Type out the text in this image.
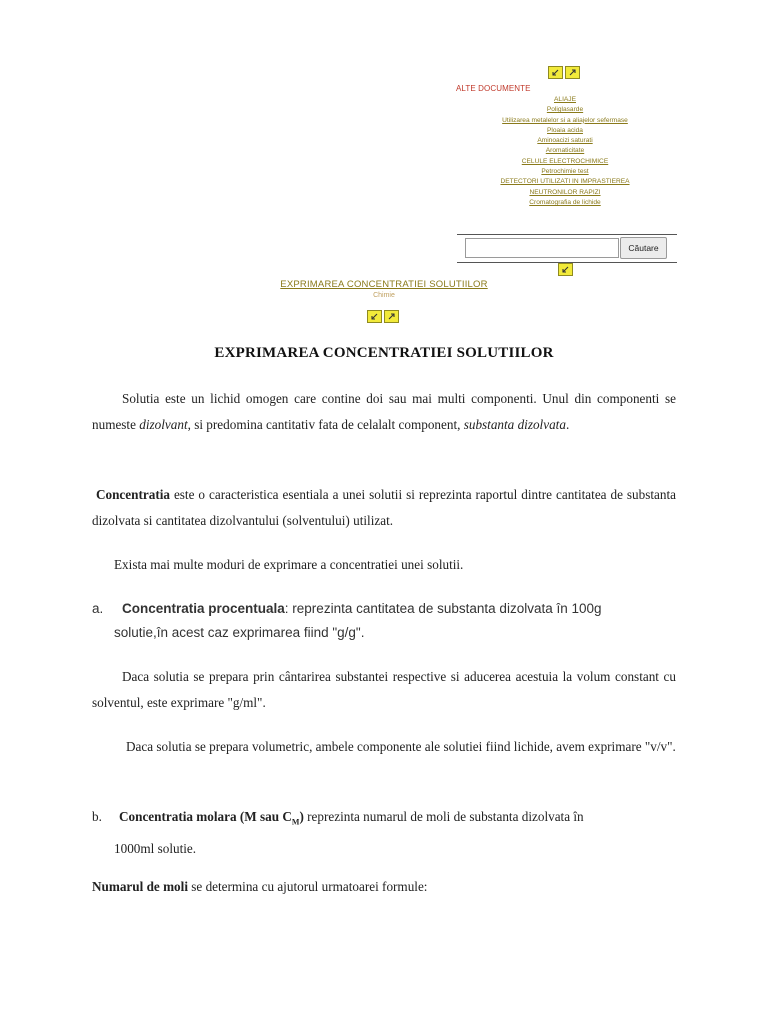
ALTE DOCUMENTE
ALIAJE
Poliglasarde
Utilizarea metalelor si a aliajelor sefermase
Ploaia acida
Aminoacizi saturati
Aromaticitate
CELULE ELECTROCHIMICE
Petrochimie test
DETECTORI UTILIZATI IN IMPRASTIEREA
NEUTRONILOR RAPIZI
Cromatografia de lichide
Căutare
EXPRIMAREA CONCENTRATIEI SOLUTIILOR
Chimie
EXPRIMAREA CONCENTRATIEI SOLUTIILOR

Solutia este un lichid omogen care contine doi sau mai multi componenti. Unul din componenti se numeste dizolvant, si predomina cantitativ fata de celalalt component, substanta dizolvata.

Concentratia este o caracteristica esentiala a unei solutii si reprezinta raportul dintre cantitatea de substanta dizolvata si cantitatea dizolvantului (solventului) utilizat.

Exista mai multe moduri de exprimare a concentratiei unei solutii.

a. Concentratia procentuala: reprezinta cantitatea de substanta dizolvata în 100g
solutie,în acest caz exprimarea fiind "g/g".

Daca solutia se prepara prin cântarirea substantei respective si aducerea acestuia la volum constant cu solventul, este exprimare "g/ml".

Daca solutia se prepara volumetric, ambele componente ale solutiei fiind lichide, avem exprimare "v/v".

b. Concentratia molara (M sau $C_M$) reprezinta numarul de moli de substanta dizolvata în
1000ml solutie.

Numarul de moli se determina cu ajutorul urmatoarei formule:
